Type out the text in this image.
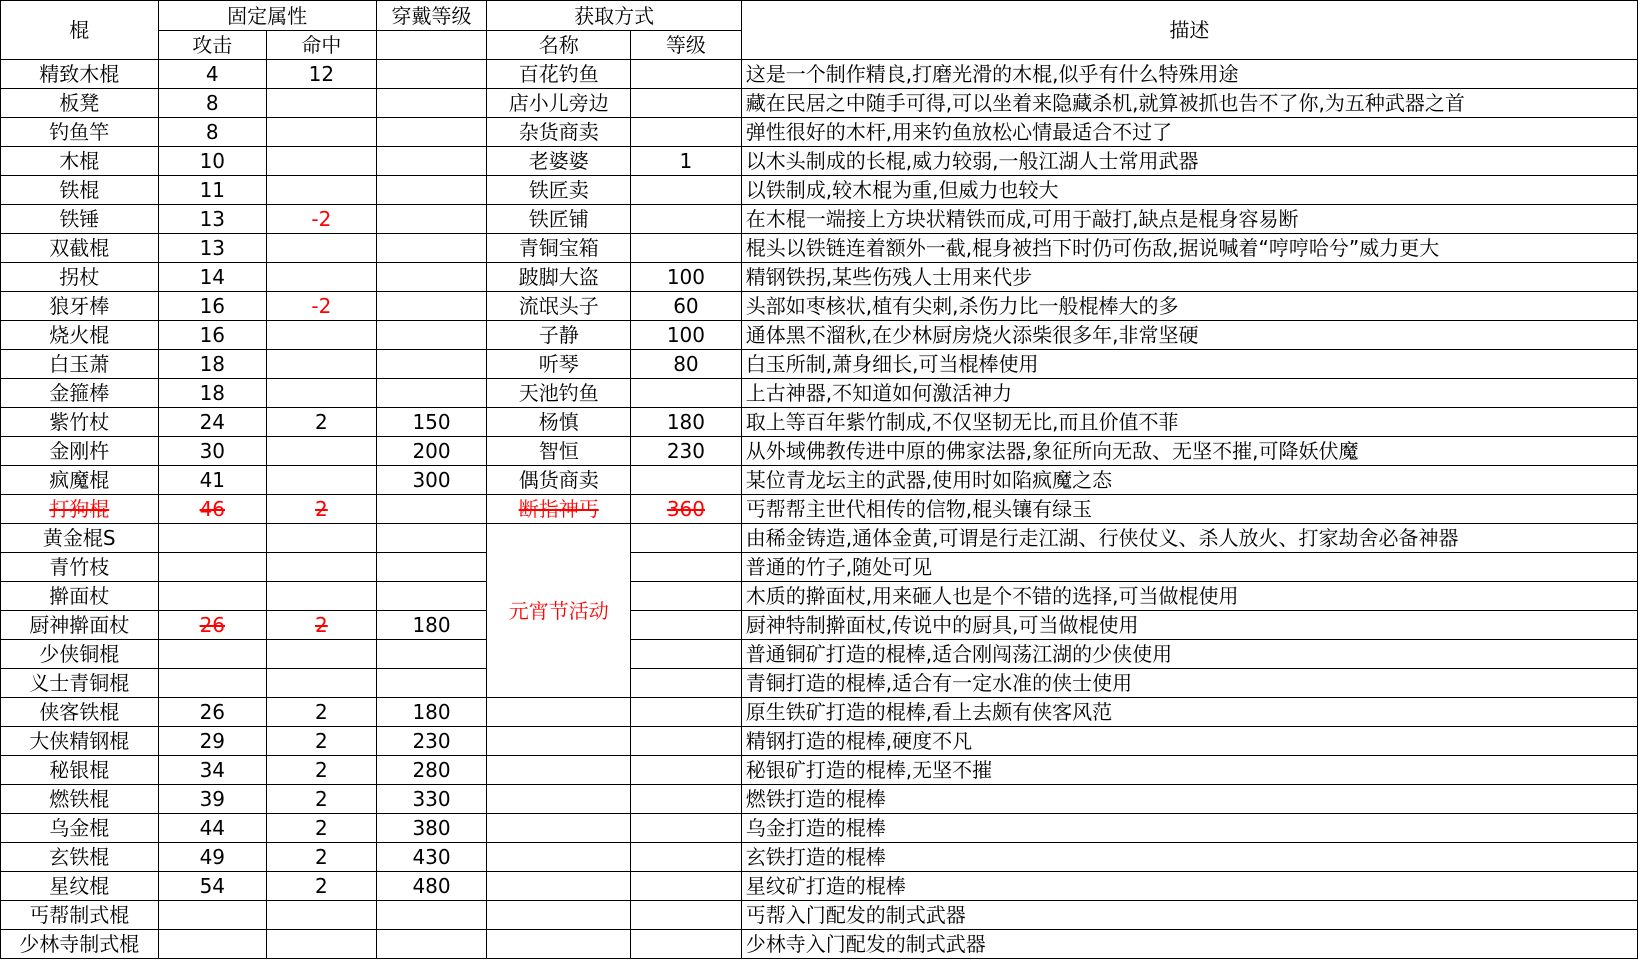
棍	固定属性		穿戴等级	获取方式		描述
	攻击	命中		名称	等级	
精致木棍	4	12		百花钓鱼		这是一个制作精良,打磨光滑的木棍,似乎有什么特殊用途
板凳	8			店小儿旁边		藏在民居之中随手可得,可以坐着来隐藏杀机,就算被抓也告不了你,为五种武器之首
钓鱼竿	8			杂货商卖		弹性很好的木杆,用来钓鱼放松心情最适合不过了
木棍	10			老婆婆	1	以木头制成的长棍,威力较弱,一般江湖人士常用武器
铁棍	11			铁匠卖		以铁制成,较木棍为重,但威力也较大
铁锤	13	-2		铁匠铺		在木棍一端接上方块状精铁而成,可用于敲打,缺点是棍身容易断
双截棍	13			青铜宝箱		棍头以铁链连着额外一截,棍身被挡下时仍可伤敌,据说喊着“哼哼哈兮”威力更大
拐杖	14			跛脚大盗	100	精钢铁拐,某些伤残人士用来代步
狼牙棒	16	-2		流氓头子	60	头部如枣核状,植有尖刺,杀伤力比一般棍棒大的多
烧火棍	16			子静	100	通体黑不溜秋,在少林厨房烧火添柴很多年,非常坚硬
白玉萧	18			听琴	80	白玉所制,萧身细长,可当棍棒使用
金箍棒	18			天池钓鱼		上古神器,不知道如何激活神力
紫竹杖	24	2	150	杨慎	180	取上等百年紫竹制成,不仅坚韧无比,而且价值不菲
金刚杵	30		200	智恒	230	从外域佛教传进中原的佛家法器,象征所向无敌、无坚不摧,可降妖伏魔
疯魔棍	41		300	偶货商卖		某位青龙坛主的武器,使用时如陷疯魔之态
打狗棍	46	2		断指神丐	360	丐帮帮主世代相传的信物,棍头镶有绿玉
黄金棍S				元宵节活动		由稀金铸造,通体金黄,可谓是行走江湖、行侠仗义、杀人放火、打家劫舍必备神器
青竹枝						普通的竹子,随处可见
擀面杖						木质的擀面杖,用来砸人也是个不错的选择,可当做棍使用
厨神擀面杖	26	2	180			厨神特制擀面杖,传说中的厨具,可当做棍使用
少侠铜棍						普通铜矿打造的棍棒,适合刚闯荡江湖的少侠使用
义士青铜棍						青铜打造的棍棒,适合有一定水准的侠士使用
侠客铁棍	26	2	180			原生铁矿打造的棍棒,看上去颇有侠客风范
大侠精钢棍	29	2	230			精钢打造的棍棒,硬度不凡
秘银棍	34	2	280			秘银矿打造的棍棒,无坚不摧
燃铁棍	39	2	330			燃铁打造的棍棒
乌金棍	44	2	380			乌金打造的棍棒
玄铁棍	49	2	430			玄铁打造的棍棒
星纹棍	54	2	480			星纹矿打造的棍棒
丐帮制式棍						丐帮入门配发的制式武器
少林寺制式棍						少林寺入门配发的制式武器
